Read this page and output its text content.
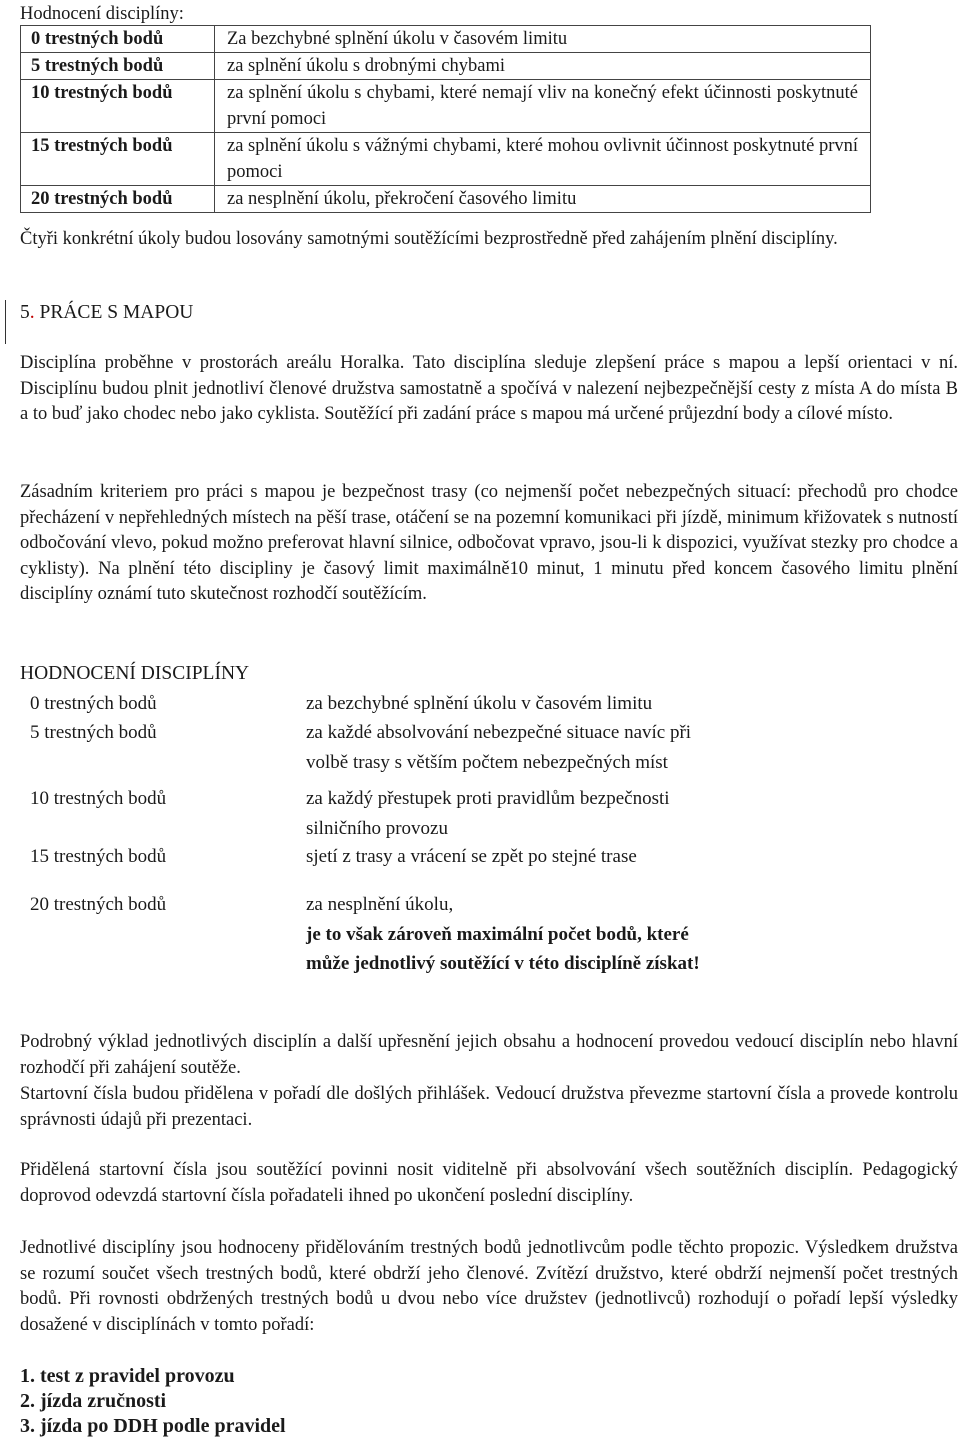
Hodnocení disciplíny:
0 trestných bodů	Za bezchybné splnění úkolu v časovém limitu
5 trestných bodů	za splnění úkolu s drobnými chybami
10 trestných bodů	za splnění úkolu s chybami, které nemají vliv na konečný efekt účinnosti poskytnuté první pomoci
15 trestných bodů	za splnění úkolu s vážnými chybami, které mohou ovlivnit účinnost poskytnuté první pomoci
20 trestných bodů	za nesplnění úkolu, překročení časového limitu
Čtyři konkrétní úkoly budou losovány samotnými soutěžícími bezprostředně před zahájením plnění disciplíny.
5. PRÁCE S MAPOU
Disciplína proběhne v prostorách areálu Horalka. Tato disciplína sleduje zlepšení práce s mapou a lepší orientaci v ní. Disciplínu budou plnit jednotliví členové družstva samostatně a spočívá v nalezení nejbezpečnější cesty z místa A do místa B a to buď jako chodec nebo jako cyklista. Soutěžící při zadání práce s mapou má určené průjezdní body a cílové místo.
Zásadním kriteriem pro práci s mapou je bezpečnost trasy (co nejmenší počet nebezpečných situací: přechodů pro chodce přecházení v nepřehledných místech na pěší trase, otáčení se na pozemní komunikaci při jízdě, minimum křižovatek s nutností odbočování vlevo, pokud možno preferovat hlavní silnice, odbočovat vpravo, jsou-li k dispozici, využívat stezky pro chodce a cyklisty). Na plnění této discipliny je časový limit maximálně10 minut, 1 minutu před koncem časového limitu plnění disciplíny oznámí tuto skutečnost rozhodčí soutěžícím.
HODNOCENÍ DISCIPLÍNY
0 trestných bodů	za bezchybné splnění úkolu v časovém limitu
5 trestných bodů	za každé absolvování nebezpečné situace navíc při
volbě trasy s větším počtem nebezpečných míst
10 trestných bodů	za každý přestupek proti pravidlům bezpečnosti
silničního provozu
15 trestných bodů	sjetí z trasy a vrácení se zpět po stejné trase
20 trestných bodů	za nesplnění úkolu,
je to však zároveň maximální počet bodů, které
může jednotlivý soutěžící v této disciplíně získat!
Podrobný výklad jednotlivých disciplín a další upřesnění jejich obsahu a hodnocení provedou vedoucí disciplín nebo hlavní rozhodčí při zahájení soutěže.
Startovní čísla budou přidělena v pořadí dle došlých přihlášek. Vedoucí družstva převezme startovní čísla a provede kontrolu správnosti údajů při prezentaci.
Přidělená startovní čísla jsou soutěžící povinni nosit viditelně při absolvování všech soutěžních disciplín. Pedagogický doprovod odevzdá startovní čísla pořadateli ihned po ukončení poslední disciplíny.
Jednotlivé disciplíny jsou hodnoceny přidělováním trestných bodů jednotlivcům podle těchto propozic. Výsledkem družstva se rozumí součet všech trestných bodů, které obdrží jeho členové. Zvítězí družstvo, které obdrží nejmenší počet trestných bodů. Při rovnosti obdržených trestných bodů u dvou nebo více družstev (jednotlivců) rozhodují o pořadí lepší výsledky dosažené v disciplínách v tomto pořadí:
1. test z pravidel provozu
2. jízda zručnosti
3. jízda po DDH podle pravidel
